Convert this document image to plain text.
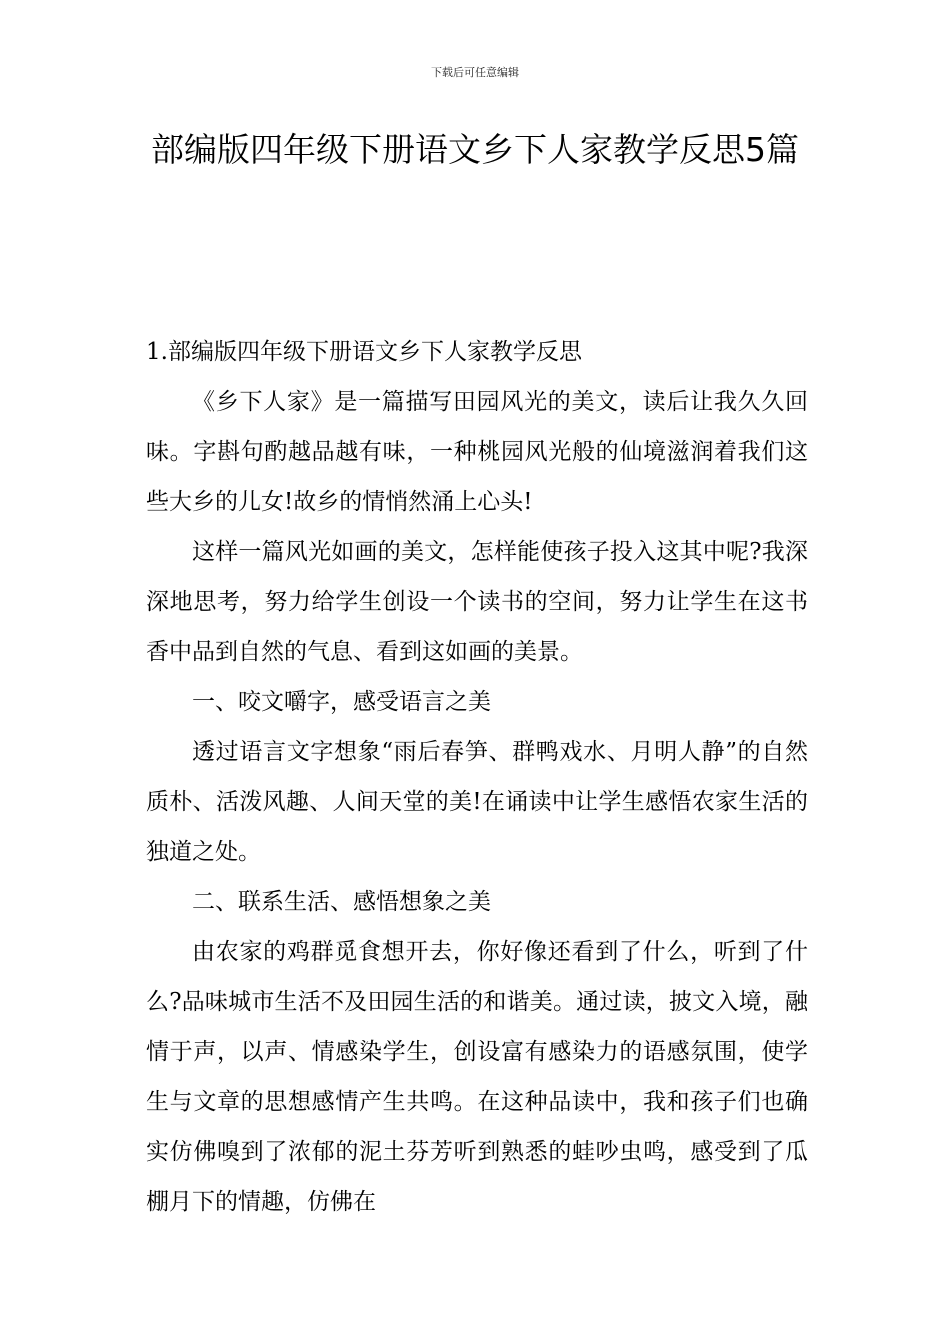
下载后可任意编辑
部编版四年级下册语文乡下人家教学反思5篇

1.部编版四年级下册语文乡下人家教学反思

《乡下人家》是一篇描写田园风光的美文，读后让我久久回味。字斟句酌越品越有味，一种桃园风光般的仙境滋润着我们这些大乡的儿女!故乡的情悄然涌上心头!

这样一篇风光如画的美文，怎样能使孩子投入这其中呢?我深深地思考，努力给学生创设一个读书的空间，努力让学生在这书香中品到自然的气息、看到这如画的美景。

一、咬文嚼字，感受语言之美

透过语言文字想象“雨后春笋、群鸭戏水、月明人静”的自然质朴、活泼风趣、人间天堂的美!在诵读中让学生感悟农家生活的独道之处。

二、联系生活、感悟想象之美

由农家的鸡群觅食想开去，你好像还看到了什么，听到了什么?品味城市生活不及田园生活的和谐美。通过读，披文入境，融情于声，以声、情感染学生，创设富有感染力的语感氛围，使学生与文章的思想感情产生共鸣。在这种品读中，我和孩子们也确实仿佛嗅到了浓郁的泥土芬芳听到熟悉的蛙吵虫鸣，感受到了瓜棚月下的情趣，仿佛在
